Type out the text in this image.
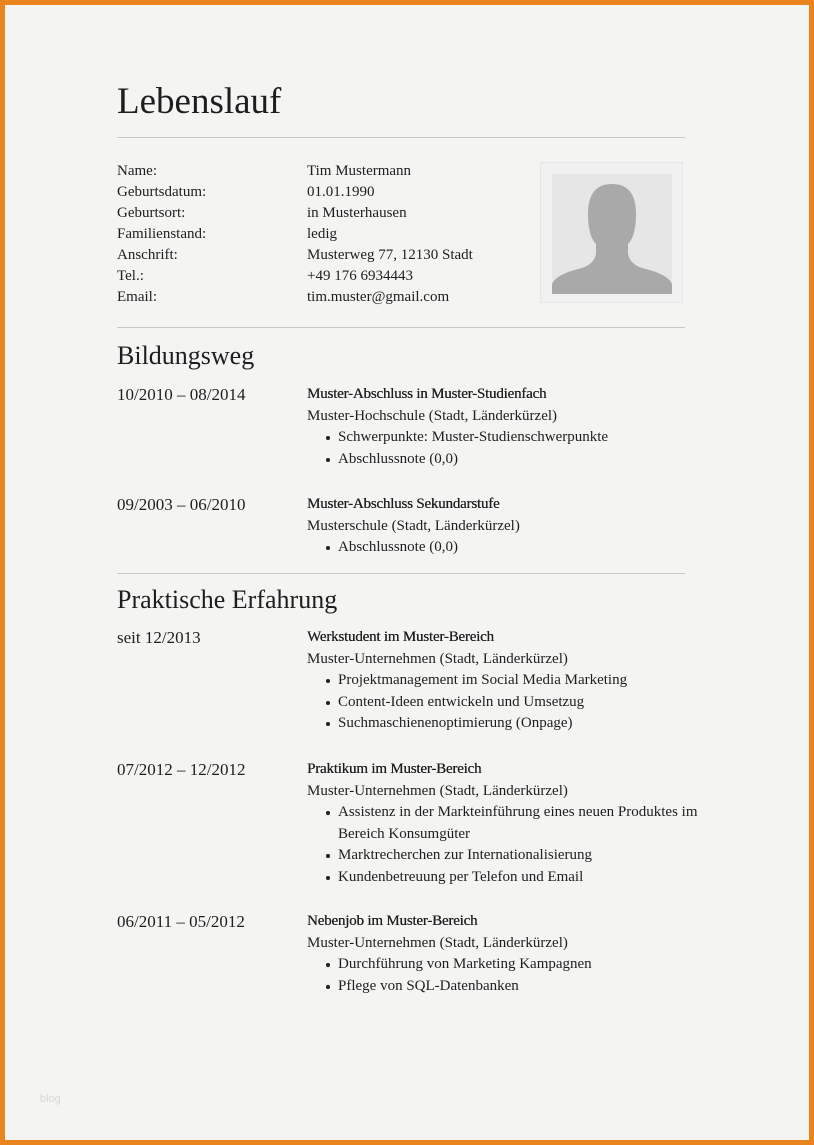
Lebenslauf
Name:	Tim Mustermann
Geburtsdatum:	01.01.1990
Geburtsort:	in Musterhausen
Familienstand:	ledig
Anschrift:	Musterweg 77, 12130 Stadt
Tel.:	+49 176 6934443
Email:	tim.muster@gmail.com
Bildungsweg
10/2010 – 08/2014	Muster-Abschluss in Muster-Studienfach
Muster-Hochschule (Stadt, Länderkürzel)
Schwerpunkte: Muster-Studienschwerpunkte
Abschlussnote (0,0)
09/2003 – 06/2010	Muster-Abschluss Sekundarstufe
Musterschule (Stadt, Länderkürzel)
Abschlussnote (0,0)
Praktische Erfahrung
seit 12/2013	Werkstudent im Muster-Bereich
Muster-Unternehmen (Stadt, Länderkürzel)
Projektmanagement im Social Media Marketing
Content-Ideen entwickeln und Umsetzug
Suchmaschienenoptimierung (Onpage)
07/2012 – 12/2012	Praktikum im Muster-Bereich
Muster-Unternehmen (Stadt, Länderkürzel)
Assistenz in der Markteinführung eines neuen Produktes im Bereich Konsumgüter
Marktrecherchen zur Internationalisierung
Kundenbetreuung per Telefon und Email
06/2011 – 05/2012	Nebenjob im Muster-Bereich
Muster-Unternehmen (Stadt, Länderkürzel)
Durchführung von Marketing Kampagnen
Pflege von SQL-Datenbanken
blog
